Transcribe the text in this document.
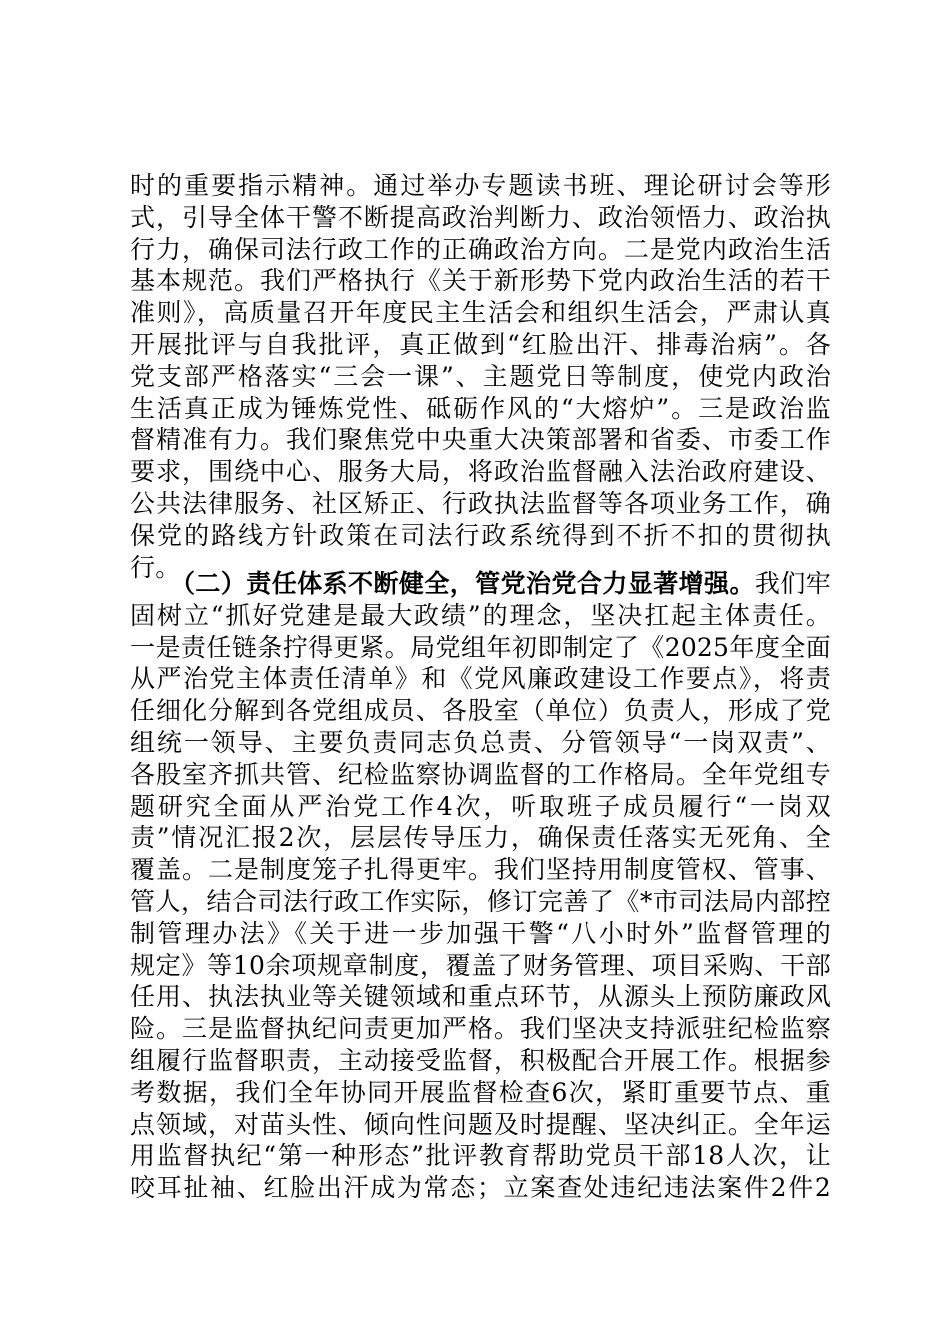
时的重要指示精神。通过举办专题读书班、理论研讨会等形
式，引导全体干警不断提高政治判断力、政治领悟力、政治执
行力，确保司法行政工作的正确政治方向。二是党内政治生活
基本规范。我们严格执行《关于新形势下党内政治生活的若干
准则》，高质量召开年度民主生活会和组织生活会，严肃认真
开展批评与自我批评，真正做到“红脸出汗、排毒治病”。各
党支部严格落实“三会一课”、主题党日等制度，使党内政治
生活真正成为锤炼党性、砥砺作风的“大熔炉”。三是政治监
督精准有力。我们聚焦党中央重大决策部署和省委、市委工作
要求，围绕中心、服务大局，将政治监督融入法治政府建设、
公共法律服务、社区矫正、行政执法监督等各项业务工作，确
保党的路线方针政策在司法行政系统得到不折不扣的贯彻执
行。
（二）责任体系不断健全，管党治党合力显著增强。我们牢
固树立“抓好党建是最大政绩”的理念，坚决扛起主体责任。
一是责任链条拧得更紧。局党组年初即制定了《2025年度全面
从严治党主体责任清单》和《党风廉政建设工作要点》，将责
任细化分解到各党组成员、各股室（单位）负责人，形成了党
组统一领导、主要负责同志负总责、分管领导“一岗双责”、
各股室齐抓共管、纪检监察协调监督的工作格局。全年党组专
题研究全面从严治党工作4次，听取班子成员履行“一岗双
责”情况汇报2次，层层传导压力，确保责任落实无死角、全
覆盖。二是制度笼子扎得更牢。我们坚持用制度管权、管事、
管人，结合司法行政工作实际，修订完善了《*市司法局内部控
制管理办法》《关于进一步加强干警“八小时外”监督管理的
规定》等10余项规章制度，覆盖了财务管理、项目采购、干部
任用、执法执业等关键领域和重点环节，从源头上预防廉政风
险。三是监督执纪问责更加严格。我们坚决支持派驻纪检监察
组履行监督职责，主动接受监督，积极配合开展工作。根据参
考数据，我们全年协同开展监督检查6次，紧盯重要节点、重
点领域，对苗头性、倾向性问题及时提醒、坚决纠正。全年运
用监督执纪“第一种形态”批评教育帮助党员干部18人次，让
咬耳扯袖、红脸出汗成为常态；立案查处违纪违法案件2件2
